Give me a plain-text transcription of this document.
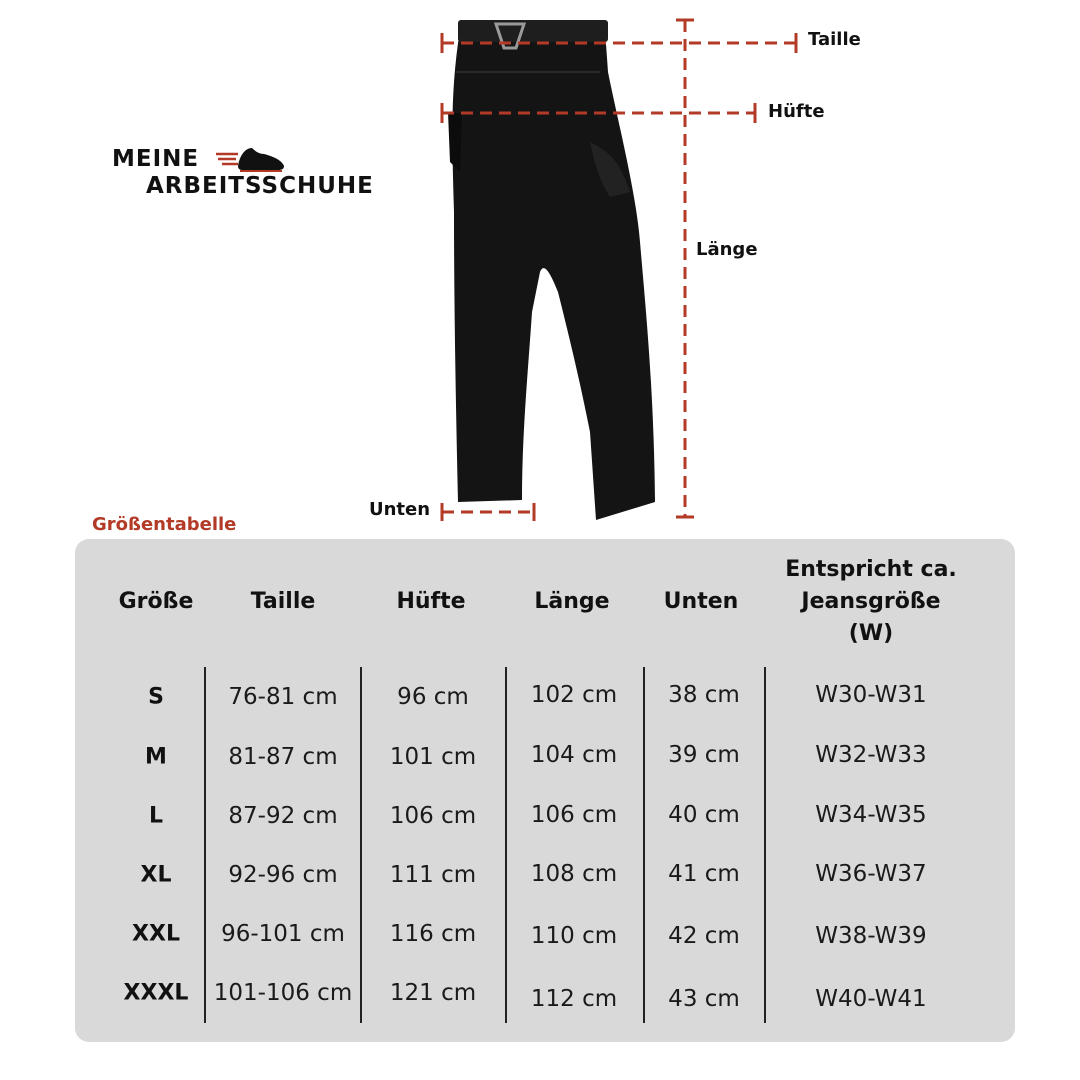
MEINE
ARBEITSSCHUHE
Taille
Hüfte
Länge
Unten
Größentabelle
Größe	Taille	Hüfte	Länge Unten
Entspricht ca. Jeansgröße (W)
S	76-81 cm	96 cm	102 cm 38 cm	W30-W31
M	81-87 cm 101 cm 104 cm 39 cm	W32-W33
L	87-92 cm 106 cm 106 cm 40 cm	W34-W35
XL 92-96 cm 111 cm 108 cm 41 cm	W36-W37
XXL 96-101 cm 116 cm 110 cm 42 cm	W38-W39
XXXL 101-106 cm 121 cm 112 cm 43 cm	W40-W41
